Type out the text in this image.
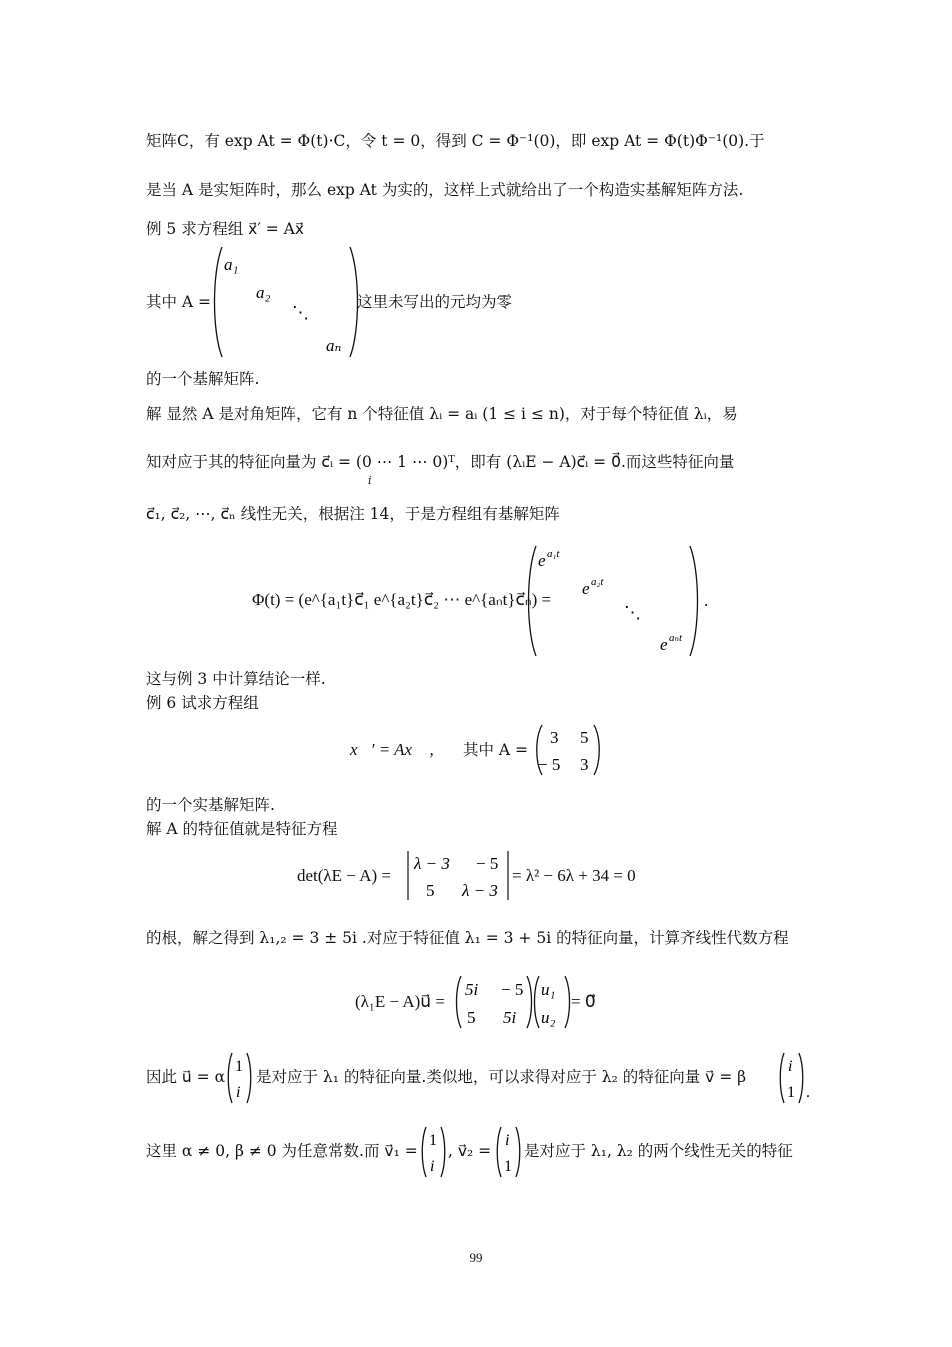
矩阵C，有 exp At = Φ(t)·C，令 t = 0，得到 C = Φ⁻¹(0)，即 exp At = Φ(t)Φ⁻¹(0).于
是当 A 是实矩阵时，那么 exp At 为实的，这样上式就给出了一个构造实基解矩阵方法.
例 5 求方程组 x⃗′ = Ax⃗
其中 A =
a₁
a₂
⋱
aₙ
这里未写出的元均为零
的一个基解矩阵.
解 显然 A 是对角矩阵，它有 n 个特征值 λᵢ = aᵢ (1 ≤ i ≤ n)，对于每个特征值 λᵢ，易
知对应于其的特征向量为 c⃗ᵢ = (0 ⋯ 1 ⋯ 0)ᵀ，即有 (λᵢE − A)c⃗ᵢ = 0⃗.而这些特征向量
i
c⃗₁, c⃗₂, ⋯, c⃗ₙ 线性无关，根据注 14，于是方程组有基解矩阵
Φ(t) = (e^{a₁t}c⃗₁ e^{a₂t}c⃗₂ ⋯ e^{aₙt}c⃗ₙ) =
e a₁t
e a₂t
⋱
e aₙt
.
这与例 3 中计算结论一样.
例 6 试求方程组
x⃗′ = Ax⃗ , 其中 A =
3 5
− 5 3
的一个实基解矩阵.
解 A 的特征值就是特征方程
det(λE − A) =
λ − 3 − 5
5 λ − 3
= λ² − 6λ + 34 = 0
的根，解之得到 λ₁,₂ = 3 ± 5i .对应于特征值 λ₁ = 3 + 5i 的特征向量，计算齐线性代数方程
(λ₁E − A)u⃗ =
5i − 5
5 5i
u₁
u₂
= 0⃗
因此 u⃗ = α
1
i
是对应于 λ₁ 的特征向量.类似地，可以求得对应于 λ₂ 的特征向量 v⃗ = β
i
1 .
这里 α ≠ 0, β ≠ 0 为任意常数.而 v⃗₁ =
1
i
, v⃗₂ =
i
1
是对应于 λ₁, λ₂ 的两个线性无关的特征
99
